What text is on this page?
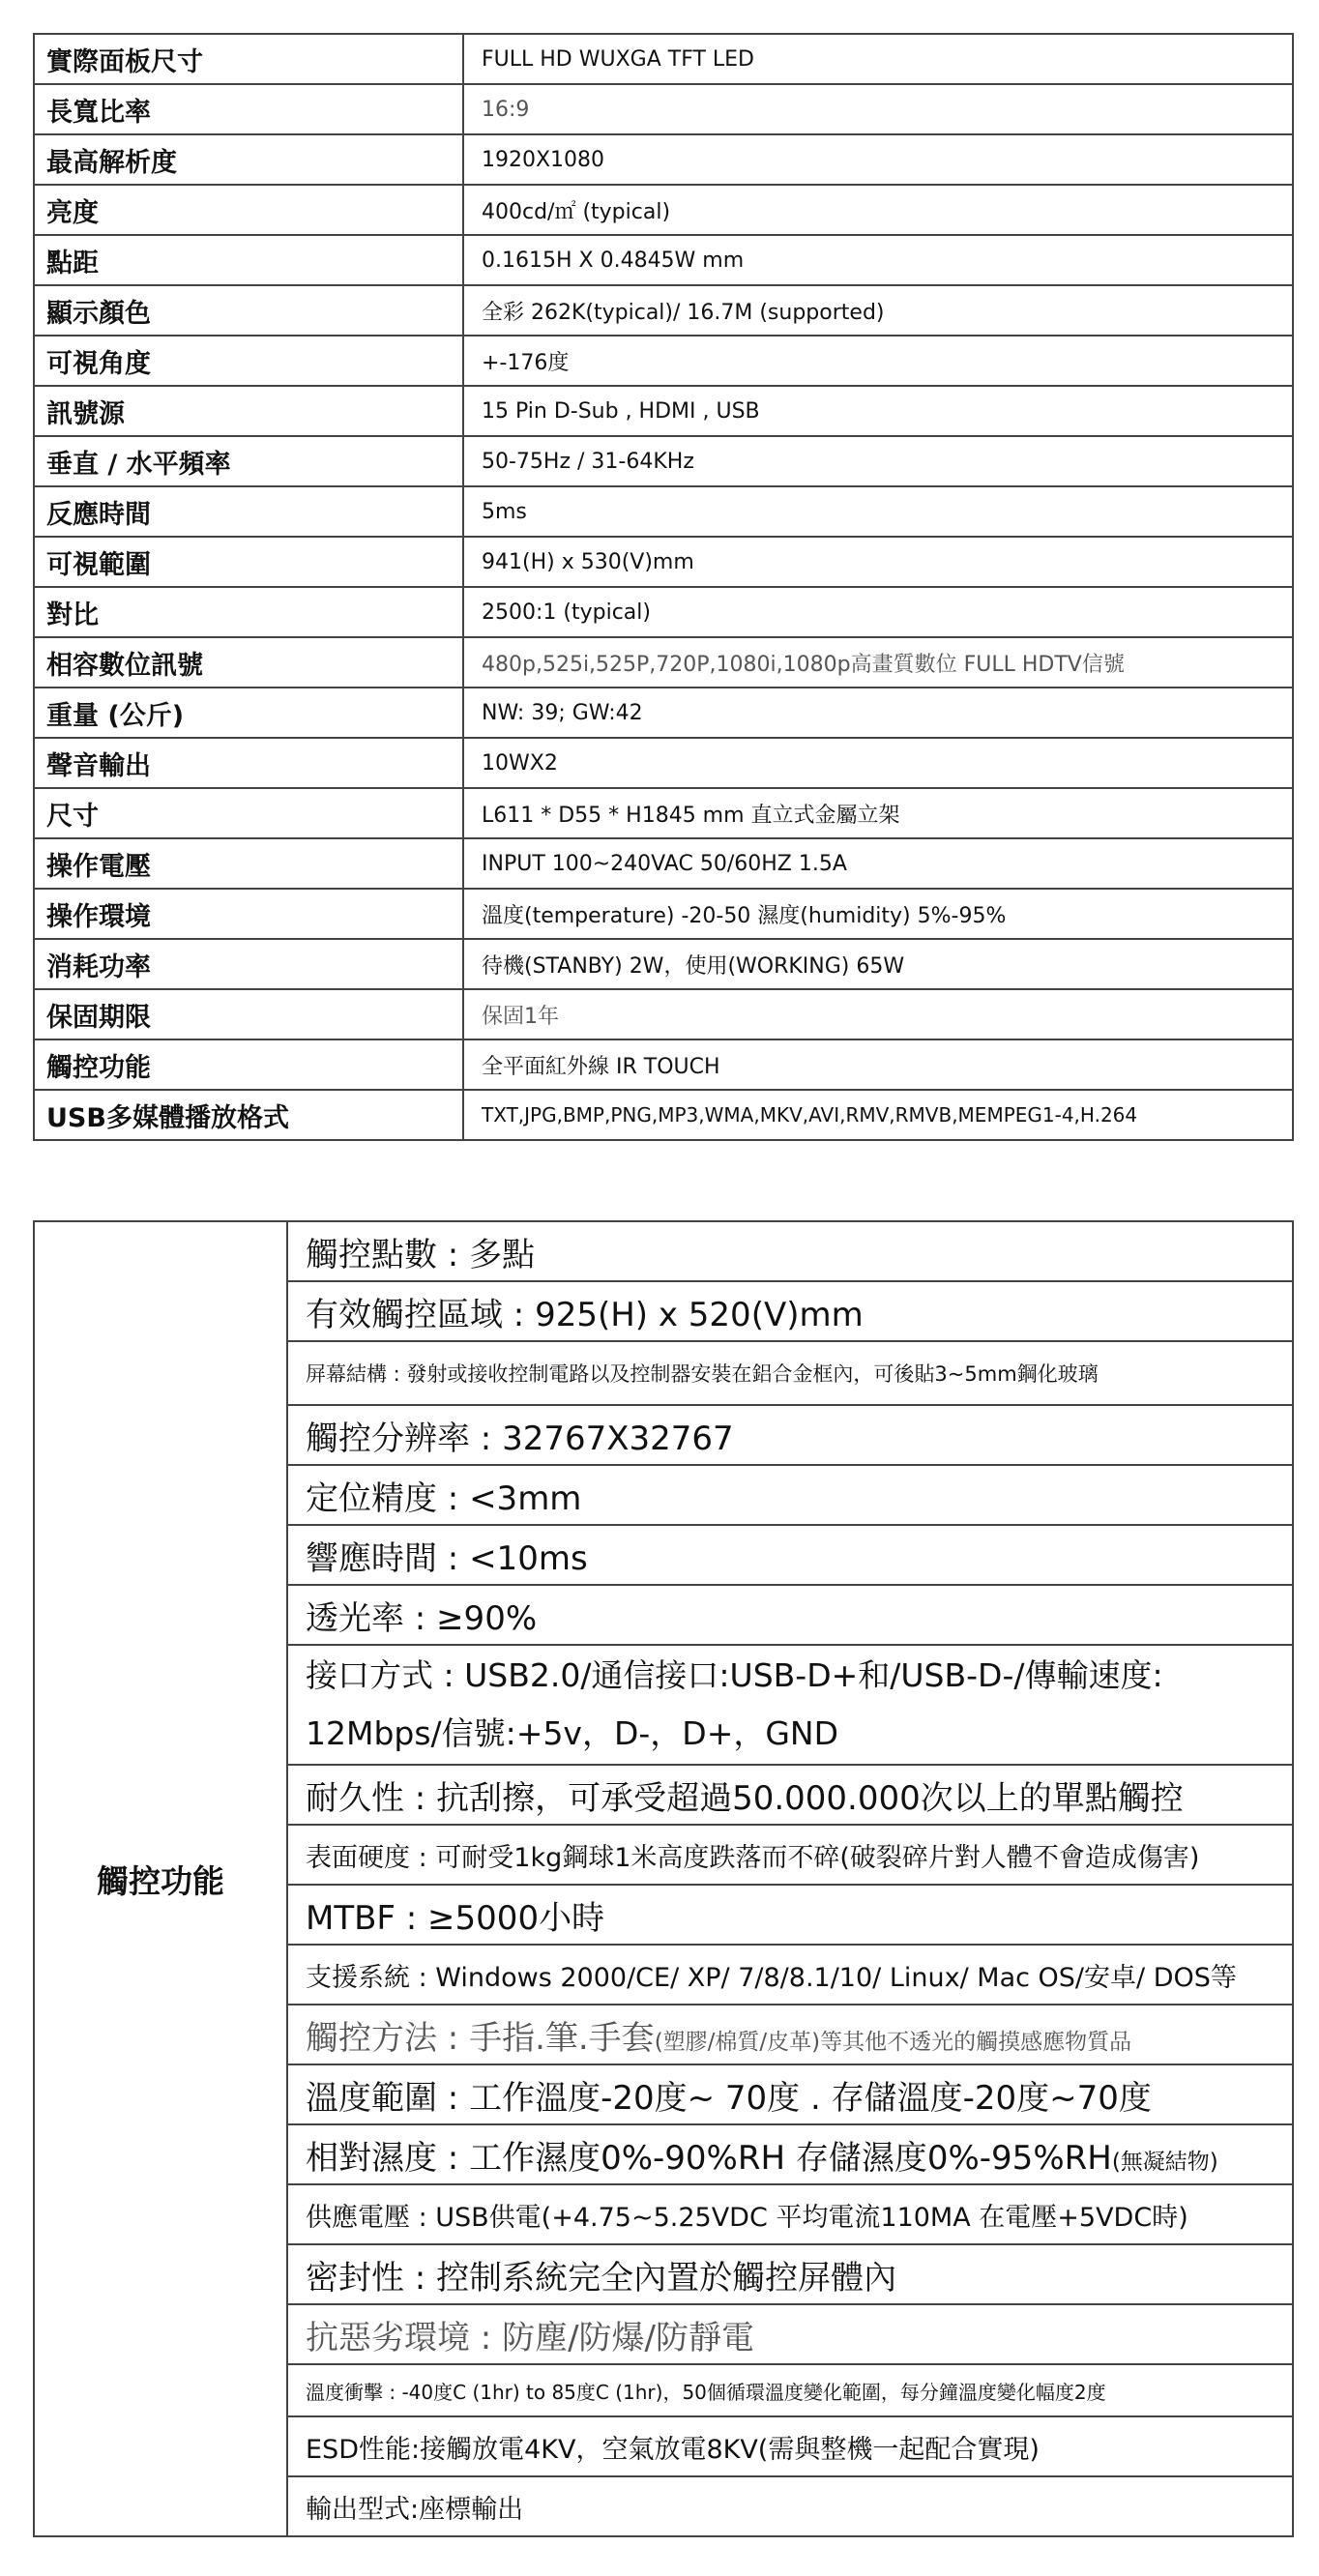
實際面板尺寸	FULL HD WUXGA TFT LED
長寬比率	16:9
最高解析度	1920X1080
亮度	400cd/㎡ (typical)
點距	0.1615H X 0.4845W mm
顯示顏色	全彩 262K(typical)/ 16.7M (supported)
可視角度	+-176度
訊號源	15 Pin D-Sub , HDMI , USB
垂直 / 水平頻率	50-75Hz / 31-64KHz
反應時間	5ms
可視範圍	941(H) x 530(V)mm
對比	2500:1 (typical)
相容數位訊號	480p,525i,525P,720P,1080i,1080p高畫質數位 FULL HDTV信號
重量 (公斤)	NW: 39; GW:42
聲音輸出	10WX2
尺寸	L611 * D55 * H1845 mm 直立式金屬立架
操作電壓	INPUT 100~240VAC 50/60HZ 1.5A
操作環境	溫度(temperature) -20-50 濕度(humidity) 5%-95%
消耗功率	待機(STANBY) 2W，使用(WORKING) 65W
保固期限	保固1年
觸控功能	全平面紅外線 IR TOUCH
USB多媒體播放格式	TXT,JPG,BMP,PNG,MP3,WMA,MKV,AVI,RMV,RMVB,MEMPEG1-4,H.264
觸控功能	觸控點數 : 多點
有效觸控區域 : 925(H) x 520(V)mm
屏幕結構 : 發射或接收控制電路以及控制器安裝在鋁合金框內，可後貼3~5mm鋼化玻璃
觸控分辨率 : 32767X32767
定位精度 : <3mm
響應時間 : <10ms
透光率 : ≥90%
接口方式 : USB2.0/通信接口:USB-D+和/USB-D-/傳輸速度: 12Mbps/信號:+5v，D-，D+，GND
耐久性 : 抗刮擦，可承受超過50.000.000次以上的單點觸控
表面硬度 : 可耐受1kg鋼球1米高度跌落而不碎(破裂碎片對人體不會造成傷害)
MTBF : ≥5000小時
支援系統 : Windows 2000/CE/ XP/ 7/8/8.1/10/ Linux/ Mac OS/安卓/ DOS等
觸控方法 : 手指.筆.手套(塑膠/棉質/皮革)等其他不透光的觸摸感應物質品
溫度範圍 : 工作溫度-20度~ 70度 . 存儲溫度-20度~70度
相對濕度 : 工作濕度0%-90%RH 存儲濕度0%-95%RH(無凝結物)
供應電壓 : USB供電(+4.75~5.25VDC 平均電流110MA 在電壓+5VDC時)
密封性 : 控制系統完全內置於觸控屏體內
抗惡劣環境 : 防塵/防爆/防靜電
溫度衝擊 : -40度C (1hr) to 85度C (1hr)，50個循環溫度變化範圍，每分鐘溫度變化幅度2度
ESD性能:接觸放電4KV，空氣放電8KV(需與整機一起配合實現)
輸出型式:座標輸出
